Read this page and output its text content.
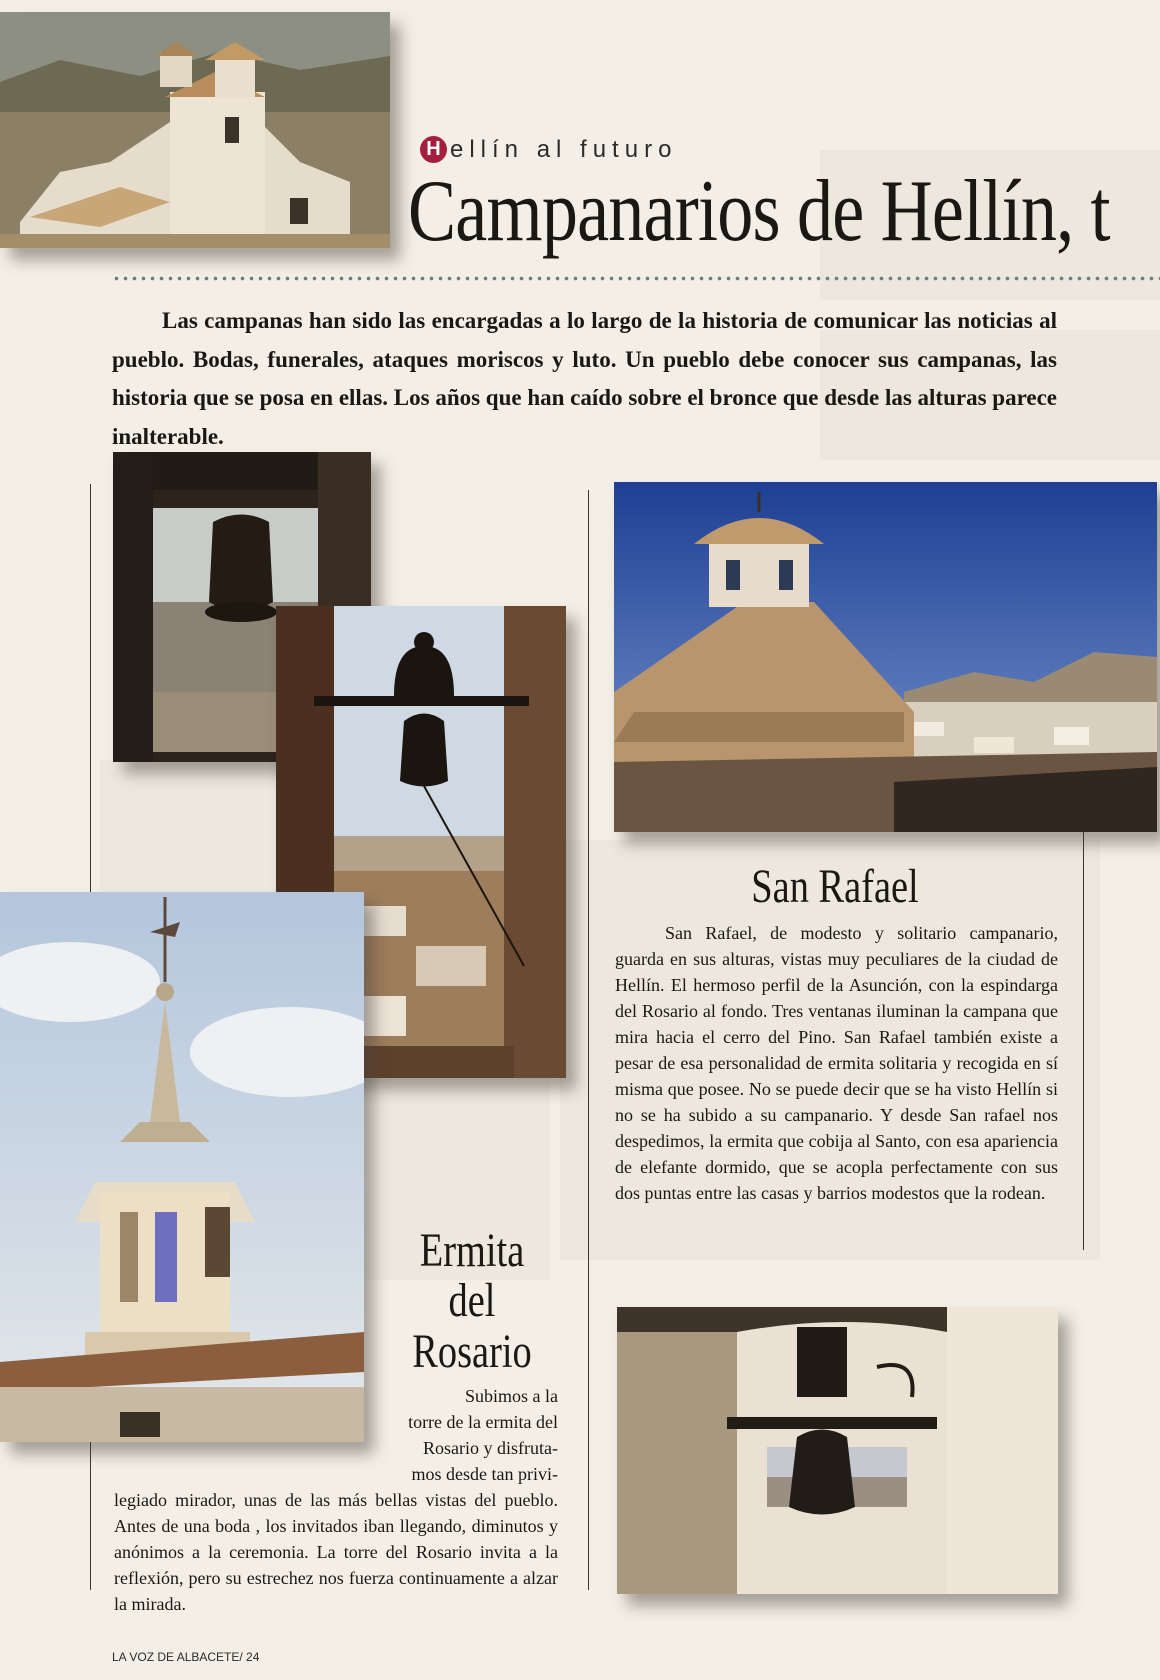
H ellín al futuro
Campanarios de Hellín, t
Las campanas han sido las encargadas a lo largo de la historia de comunicar las noticias al pueblo. Bodas, funerales, ataques moriscos y luto. Un pueblo debe conocer sus campanas, las historia que se posa en ellas. Los años que han caído sobre el bronce que desde las alturas parece inalterable.
San Rafael
San Rafael, de modesto y solitario campanario, guarda en sus alturas, vistas muy peculiares de la ciudad de Hellín. El hermoso perfil de la Asunción, con la espindarga del Rosario al fondo. Tres ventanas iluminan la campana que mira hacia el cerro del Pino. San Rafael también existe a pesar de esa personalidad de ermita solitaria y recogida en sí misma que posee. No se puede decir que se ha visto Hellín si no se ha subido a su campanario. Y desde San rafael nos despedimos, la ermita que cobija al Santo, con esa apariencia de elefante dormido, que se acopla perfectamente con sus dos puntas entre las casas y barrios modestos que la rodean.
Ermita
del
Rosario
Subimos a la
torre de la ermita del
Rosario y disfruta-
mos desde tan privi-
legiado mirador, unas de las más bellas vistas del pueblo. Antes de una boda , los invitados iban llegando, diminutos y anónimos a la ceremonia. La torre del Rosario invita a la reflexión, pero su estrechez nos fuerza continuamente a alzar la mirada.
LA VOZ DE ALBACETE/ 24
